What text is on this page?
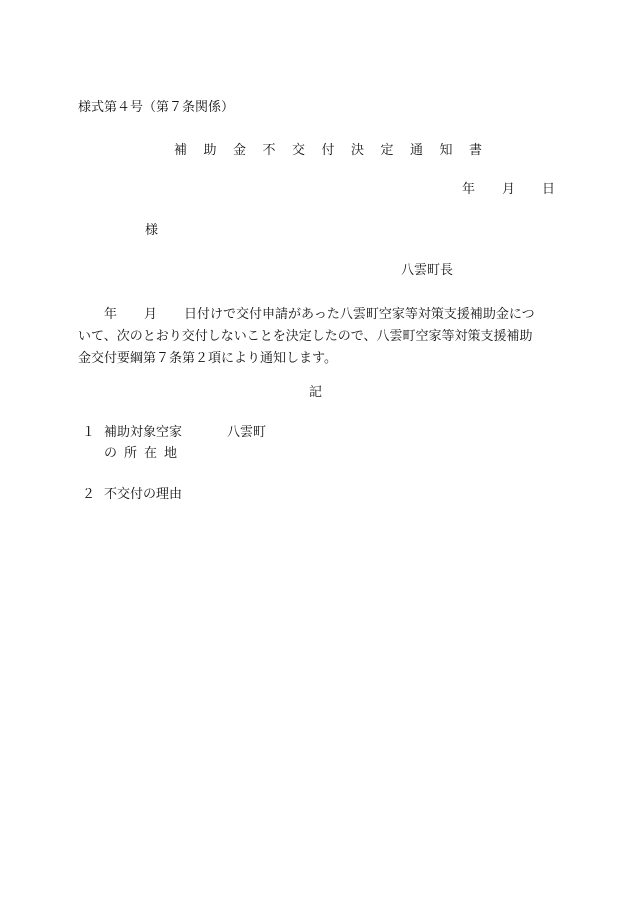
様式第４号（第７条関係）
補 助 金 不 交 付 決 定 通 知 書
年 月 日
様
八雲町長
年 月 日付けで交付申請があった八雲町空家等対策支援補助金につ
いて、次のとおり交付しないことを決定したので、八雲町空家等対策支援補助
金交付要綱第７条第２項により通知します。
記
１ 補助対象空家
の 所 在 地
八雲町
２ 不交付の理由
